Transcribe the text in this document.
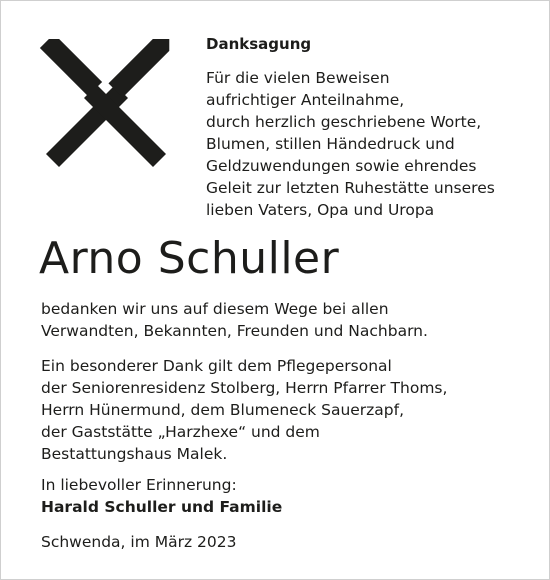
Danksagung
Für die vielen Beweisen
aufrichtiger Anteilnahme,
durch herzlich geschriebene Worte,
Blumen, stillen Händedruck und
Geldzuwendungen sowie ehrendes
Geleit zur letzten Ruhestätte unseres
lieben Vaters, Opa und Uropa
Arno Schuller
bedanken wir uns auf diesem Wege bei allen
Verwandten, Bekannten, Freunden und Nachbarn.
Ein besonderer Dank gilt dem Pflegepersonal
der Seniorenresidenz Stolberg, Herrn Pfarrer Thoms,
Herrn Hünermund, dem Blumeneck Sauerzapf,
der Gaststätte „Harzhexe“ und dem
Bestattungshaus Malek.
In liebevoller Erinnerung:
Harald Schuller und Familie

Schwenda, im März 2023
